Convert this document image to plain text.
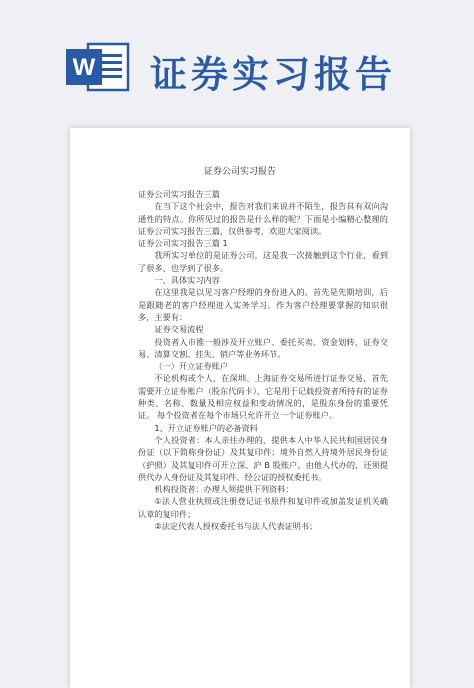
W 证券实习报告
证券公司实习报告

证券公司实习报告三篇

在当下这个社会中，报告对我们来说并不陌生，报告具有双向沟通性的特点。你所见过的报告是什么样的呢？下面是小编精心整理的证券公司实习报告三篇，仅供参考，欢迎大家阅读。

证券公司实习报告三篇 1

我所实习单位的是证券公司，这是我一次接触到这个行业，看到了很多、也学到了很多。

一、具体实习内容

在这里我是以见习客户经理的身份进入的。首先是先期培训，后是跟随老的客户经理进入实务学习。作为客户经理要掌握的知识很多，主要有：

证券交易流程

投资者入市推一般涉及开立账户、委托买卖、资金划转、证券交易、清算交割、挂失、销户等业务环节。

（一）开立证券账户

不论机构或个人，在深圳、上海证券交易所进行证券交易，首先需要开立证券账户（股东代码卡），它是用于记载投资者所持有的证券种类、名称、数量及相应权益和变动情况的，是股东身份的重要凭证。 每个投资者在每个市场只允许开立一个证券账户。

1、开立证券账户的必备资料

个人投资者：本人亲往办理的，提供本人中华人民共和国居民身份证（以下简称身份证）及其复印件；境外自然人持境外居民身份证（护照）及其复印件可开立深、沪 B 股账户。由他人代办的，还须提供代办人身份证及其复印件、经公证的授权委托书。

机构投资者：办理人须提供下列资料：

①法人营业执照或注册登记证书原件和复印件或加盖发证机关确认章的复印件；

②法定代表人授权委托书与法人代表证明书；
